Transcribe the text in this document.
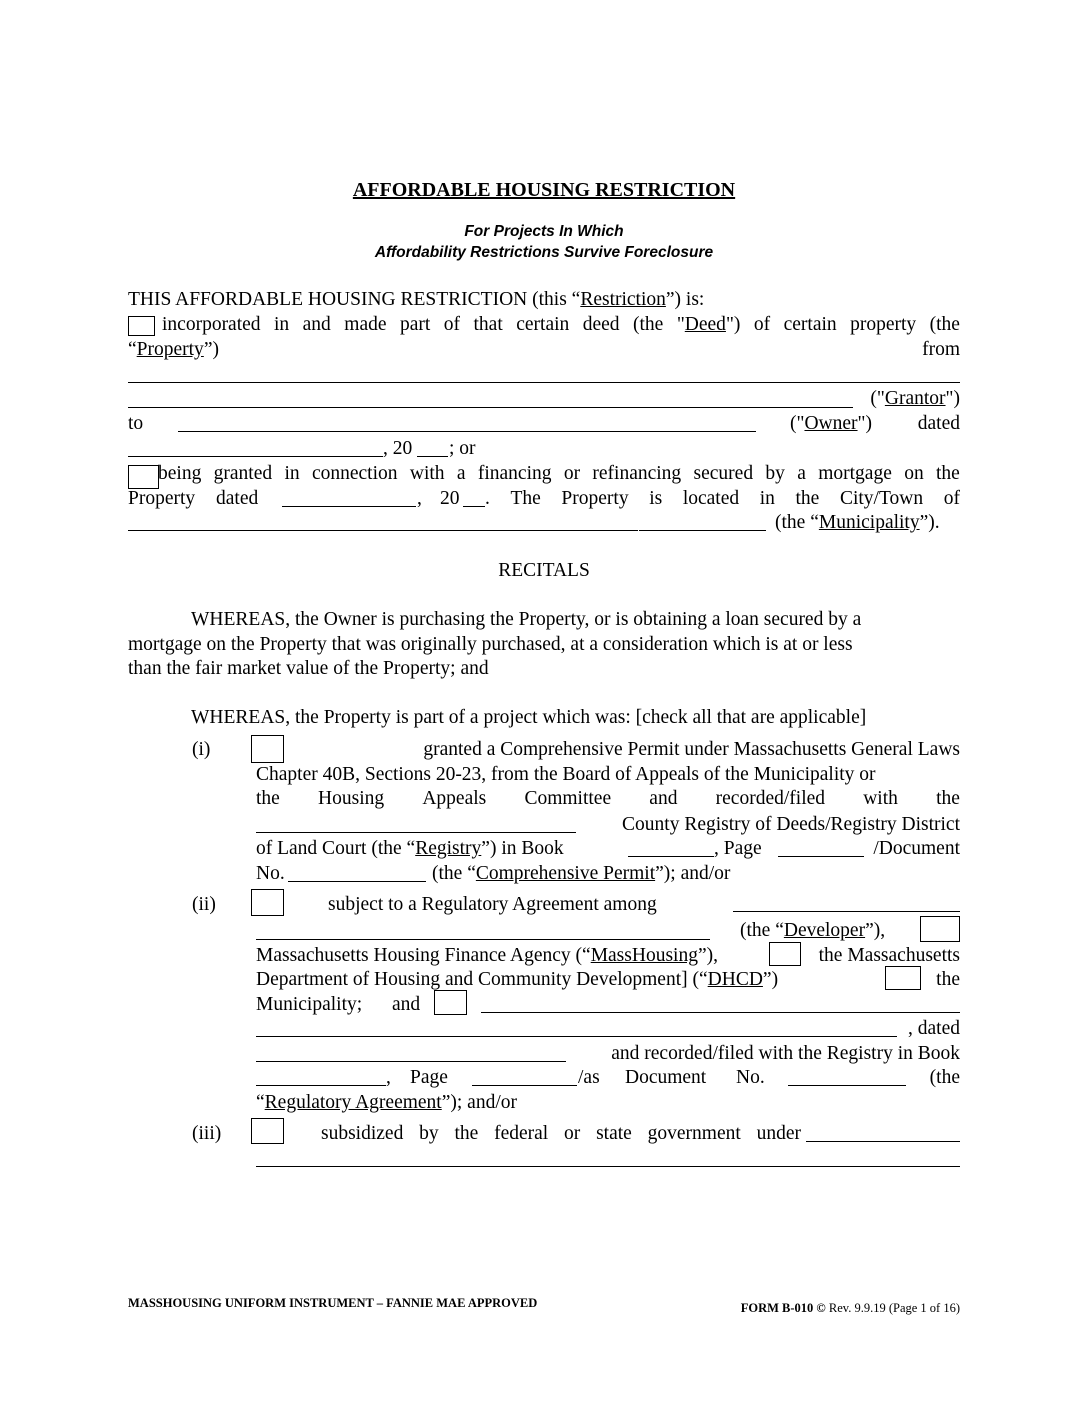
AFFORDABLE HOUSING RESTRICTION
For Projects In Which
Affordability Restrictions Survive Foreclosure
THIS AFFORDABLE HOUSING RESTRICTION (this “Restriction”) is:
incorporated in and made part of that certain deed (the "Deed") of certain property (the
“Property”)	from
("Grantor")
to	("Owner") dated
, 20 ; or
being granted in connection with a financing or refinancing secured by a mortgage on the
Property dated	, 20 . The Property is located in the City/Town of
(the “Municipality”).
RECITALS
WHEREAS, the Owner is purchasing the Property, or is obtaining a loan secured by a
mortgage on the Property that was originally purchased, at a consideration which is at or less
than the fair market value of the Property; and
WHEREAS, the Property is part of a project which was: [check all that are applicable]
(i)	granted a Comprehensive Permit under Massachusetts General Laws
Chapter 40B, Sections 20-23, from the Board of Appeals of the Municipality or
the Housing Appeals Committee and recorded/filed with the
County Registry of Deeds/Registry District
of Land Court (the “Registry”) in Book	, Page	/Document
No.	(the “Comprehensive Permit”); and/or
(ii)	subject to a Regulatory Agreement among
(the “Developer”),
Massachusetts Housing Finance Agency (“MassHousing”),	the Massachusetts
Department of Housing and Community Development] (“DHCD”)	the
Municipality; and
, dated
and recorded/filed with the Registry in Book
, Page	/as Document No.	(the
“Regulatory Agreement”); and/or
(iii)	subsidized by the federal or state government under
MASSHOUSING UNIFORM INSTRUMENT – FANNIE MAE APPROVED	FORM B-010 © Rev. 9.9.19 (Page 1 of 16)
